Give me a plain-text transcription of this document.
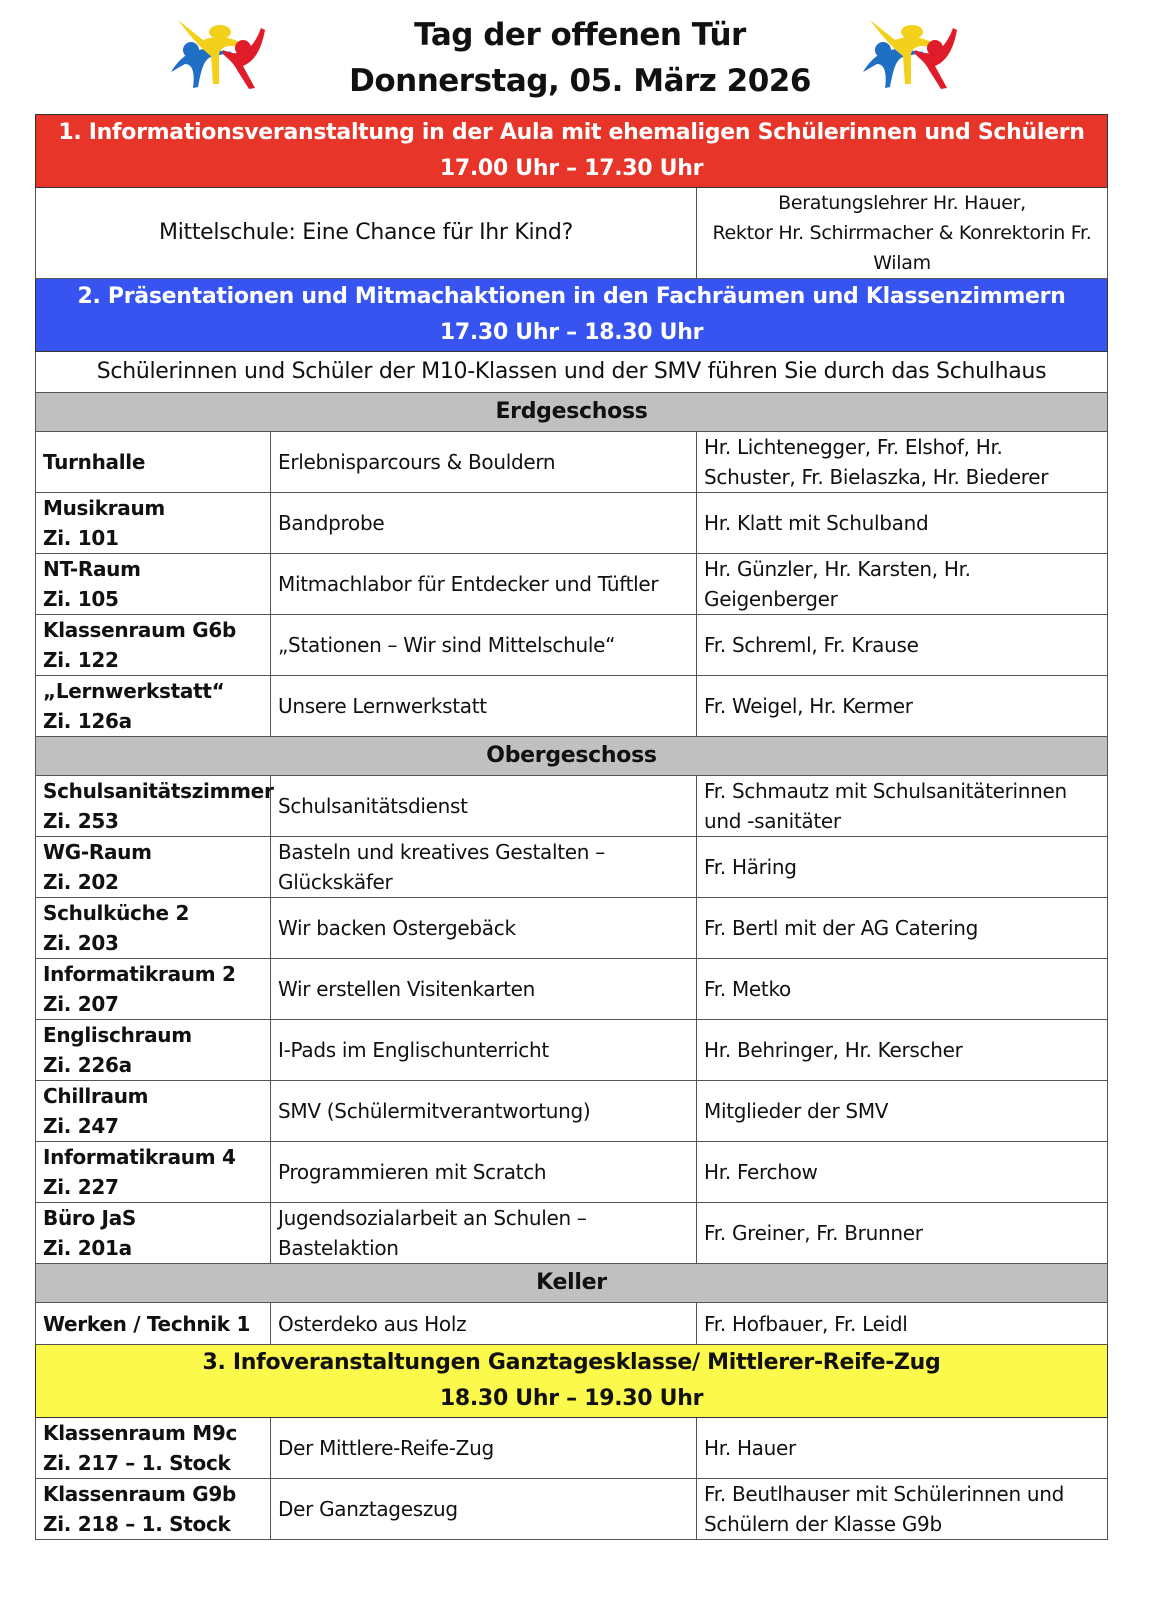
Tag der offenen Tür
Donnerstag, 05. März 2026
1. Informationsveranstaltung in der Aula mit ehemaligen Schülerinnen und Schülern
17.00 Uhr – 17.30 Uhr		

Mittelschule: Eine Chance für Ihr Kind?		Beratungslehrer Hr. Hauer,
Rektor Hr. Schirrmacher & Konrektorin Fr. Wilam

2. Präsentationen und Mitmachaktionen in den Fachräumen und Klassenzimmern
17.30 Uhr – 18.30 Uhr		

Schülerinnen und Schüler der M10-Klassen und der SMV führen Sie durch das Schulhaus		
Erdgeschoss		

Turnhalle	Erlebnisparcours & Bouldern	Hr. Lichtenegger, Fr. Elshof, Hr. Schuster, Fr. Bielaszka, Hr. Biederer

Musikraum
Zi. 101	Bandprobe	Hr. Klatt mit Schulband

NT-Raum
Zi. 105	Mitmachlabor für Entdecker und Tüftler	Hr. Günzler, Hr. Karsten, Hr. Geigenberger

Klassenraum G6b
Zi. 122	„Stationen – Wir sind Mittelschule“	Fr. Schreml, Fr. Krause

„Lernwerkstatt“
Zi. 126a	Unsere Lernwerkstatt	Fr. Weigel, Hr. Kermer
Obergeschoss		

Schulsanitätszimmer
Zi. 253	Schulsanitätsdienst	Fr. Schmautz mit Schulsanitäterinnen und -sanitäter

WG-Raum
Zi. 202	Basteln und kreatives Gestalten – Glückskäfer	Fr. Häring

Schulküche 2
Zi. 203	Wir backen Ostergebäck	Fr. Bertl mit der AG Catering

Informatikraum 2
Zi. 207	Wir erstellen Visitenkarten	Fr. Metko

Englischraum
Zi. 226a	I-Pads im Englischunterricht	Hr. Behringer, Hr. Kerscher

Chillraum
Zi. 247	SMV (Schülermitverantwortung)	Mitglieder der SMV

Informatikraum 4
Zi. 227	Programmieren mit Scratch	Hr. Ferchow

Büro JaS
Zi. 201a	Jugendsozialarbeit an Schulen – Bastelaktion	Fr. Greiner, Fr. Brunner
Keller		

Werken / Technik 1	Osterdeko aus Holz	Fr. Hofbauer, Fr. Leidl

3. Infoveranstaltungen Ganztagesklasse/ Mittlerer-Reife-Zug
18.30 Uhr – 19.30 Uhr		

Klassenraum M9c
Zi. 217 – 1. Stock	Der Mittlere-Reife-Zug	Hr. Hauer

Klassenraum G9b
Zi. 218 – 1. Stock	Der Ganztageszug	Fr. Beutlhauser mit Schülerinnen und Schülern der Klasse G9b
